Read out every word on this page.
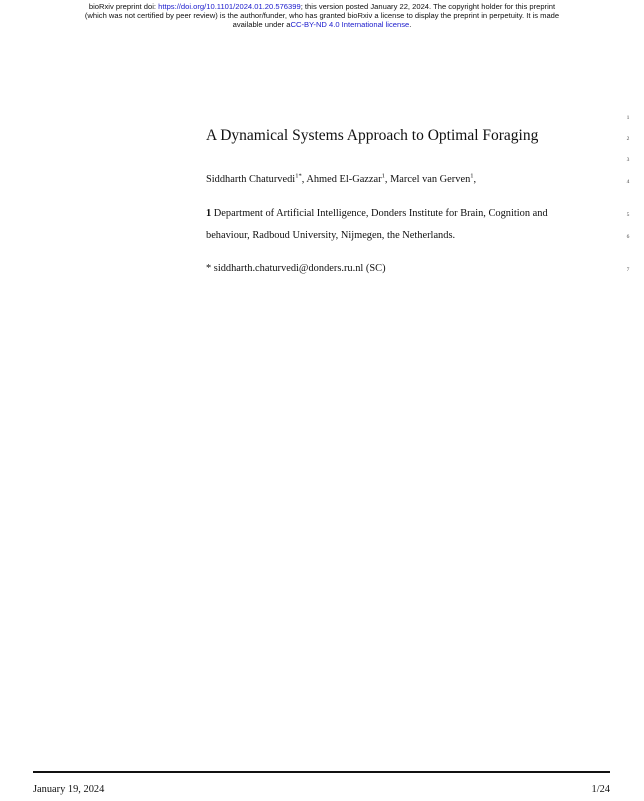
bioRxiv preprint doi: https://doi.org/10.1101/2024.01.20.576399; this version posted January 22, 2024. The copyright holder for this preprint
(which was not certified by peer review) is the author/funder, who has granted bioRxiv a license to display the preprint in perpetuity. It is made
available under aCC-BY-ND 4.0 International license.
A Dynamical Systems Approach to Optimal Foraging
Siddharth Chaturvedi$^{1*}$, Ahmed El-Gazzar$^1$, Marcel van Gerven$^1$,
1 Department of Artificial Intelligence, Donders Institute for Brain, Cognition and
behaviour, Radboud University, Nijmegen, the Netherlands.
* siddharth.chaturvedi@donders.ru.nl (SC)
1
2
3
4
5
6
7
January 19, 2024	1/24
